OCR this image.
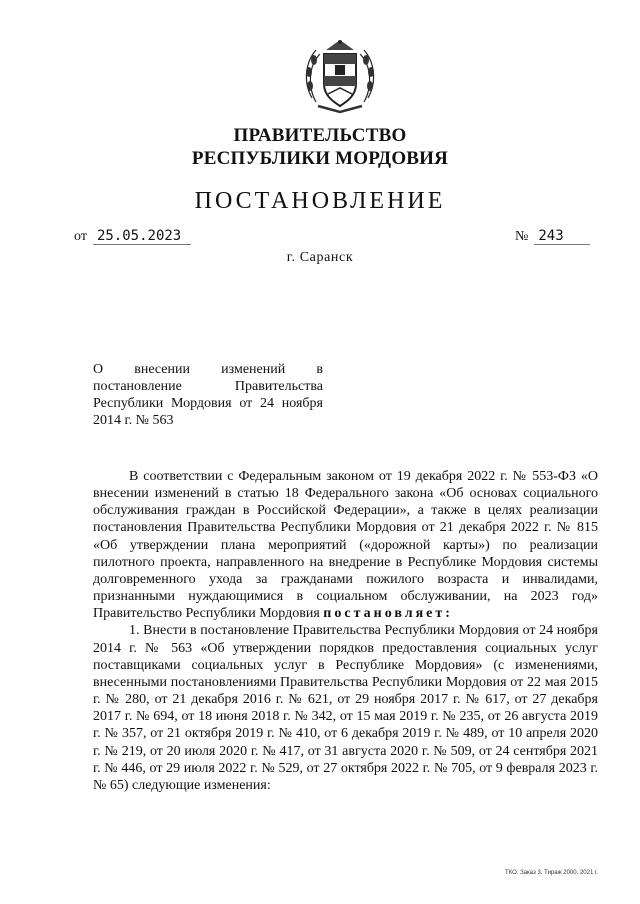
ПРАВИТЕЛЬСТВО
РЕСПУБЛИКИ МОРДОВИЯ
ПОСТАНОВЛЕНИЕ
от 25.05.2023	№ 243
г. Саранск
О внесении изменений в постановление Правительства Республики Мордовия от 24 ноября 2014 г. № 563

В соответствии с Федеральным законом от 19 декабря 2022 г. № 553-ФЗ «О внесении изменений в статью 18 Федерального закона «Об основах социального обслуживания граждан в Российской Федерации», а также в целях реализации постановления Правительства Республики Мордовия от 21 декабря 2022 г. № 815 «Об утверждении плана мероприятий («дорожной карты») по реализации пилотного проекта, направленного на внедрение в Республике Мордовия системы долговременного ухода за гражданами пожилого возраста и инвалидами, признанными нуждающимися в социальном обслуживании, на 2023 год» Правительство Республики Мордовия постановляет:

1. Внести в постановление Правительства Республики Мордовия от 24 ноября 2014 г. № 563 «Об утверждении порядков предоставления социальных услуг поставщиками социальных услуг в Республике Мордовия» (с изменениями, внесенными постановлениями Правительства Республики Мордовия от 22 мая 2015 г. № 280, от 21 декабря 2016 г. № 621, от 29 ноября 2017 г. № 617, от 27 декабря 2017 г. № 694, от 18 июня 2018 г. № 342, от 15 мая 2019 г. № 235, от 26 августа 2019 г. № 357, от 21 октября 2019 г. № 410, от 6 декабря 2019 г. № 489, от 10 апреля 2020 г. № 219, от 20 июля 2020 г. № 417, от 31 августа 2020 г. № 509, от 24 сентября 2021 г. № 446, от 29 июля 2022 г. № 529, от 27 октября 2022 г. № 705, от 9 февраля 2023 г. № 65) следующие изменения:

ТКО. Заказ 3. Тираж 2000. 2021 г.
